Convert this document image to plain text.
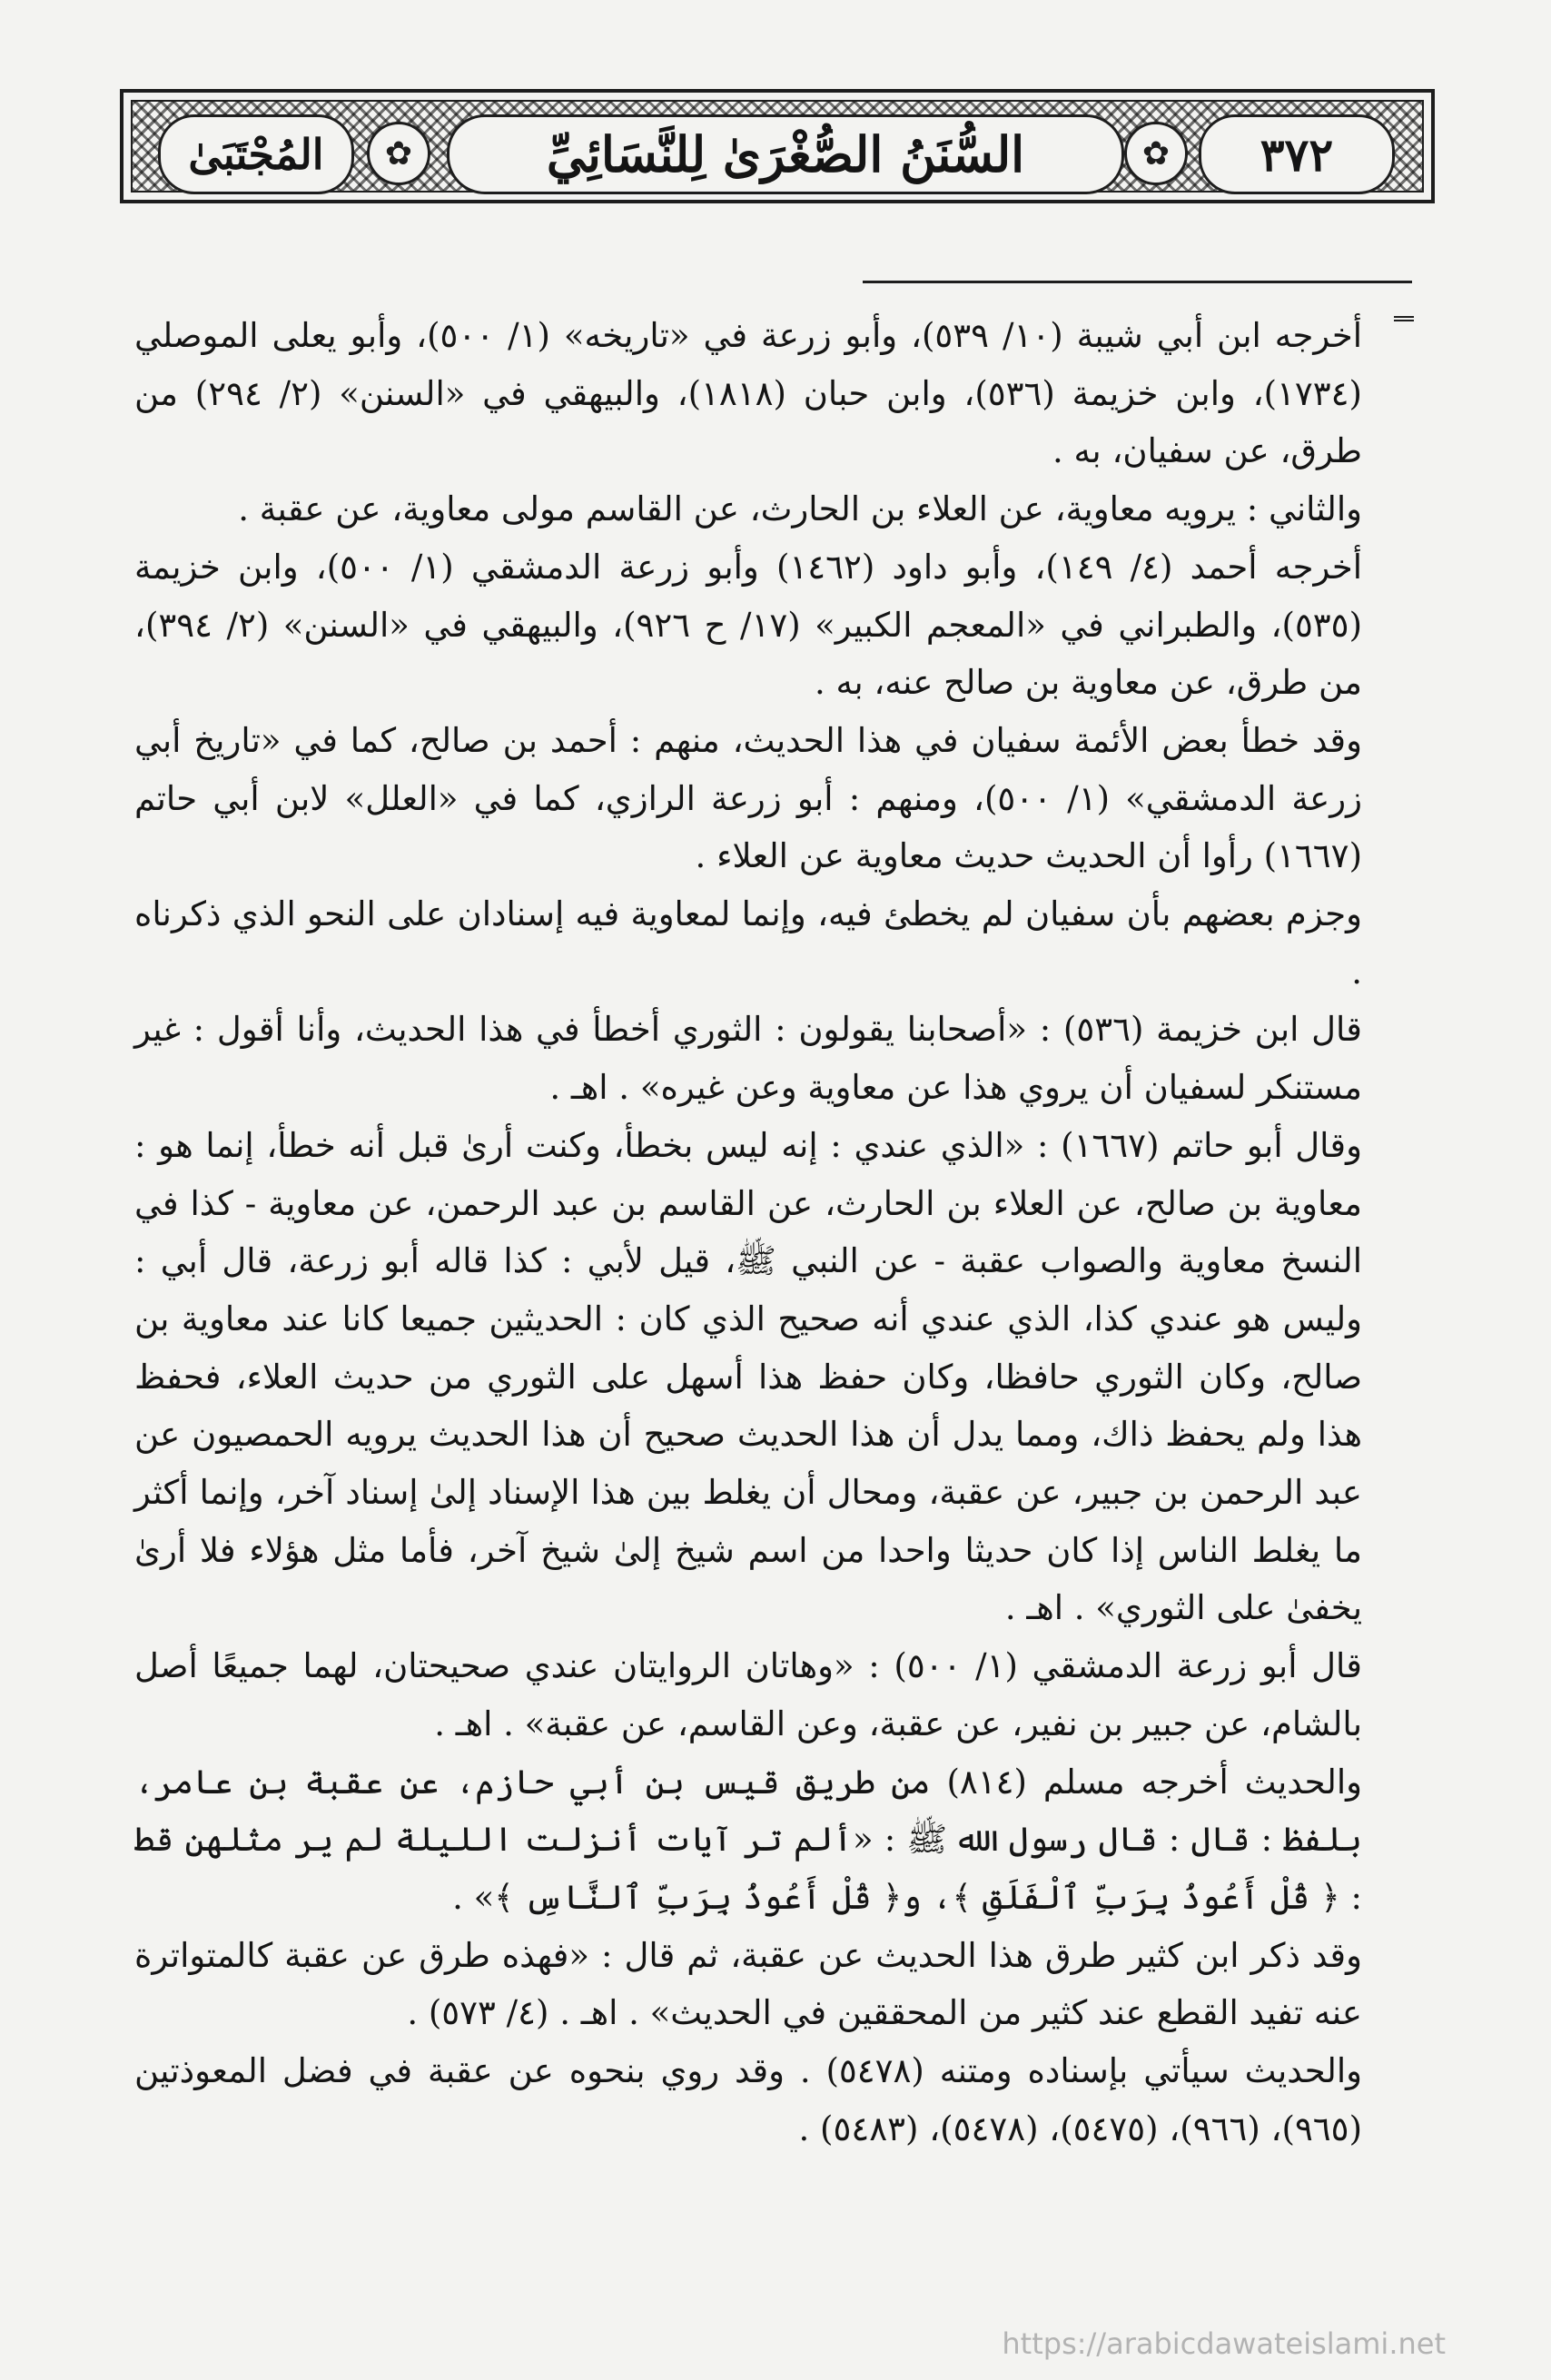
المُجْتَبَىٰ	✿	السُّنَنُ الصُّغْرَىٰ لِلنَّسَائِيِّ	✿	٣٧٢

أخرجه ابن أبي شيبة (١٠/ ٥٣٩)، وأبو زرعة في «تاريخه» (١/ ٥٠٠)، وأبو يعلى الموصلي (١٧٣٤)، وابن خزيمة (٥٣٦)، وابن حبان (١٨١٨)، والبيهقي في «السنن» (٢/ ٢٩٤) من طرق، عن سفيان، به .

والثاني : يرويه معاوية، عن العلاء بن الحارث، عن القاسم مولى معاوية، عن عقبة .

أخرجه أحمد (٤/ ١٤٩)، وأبو داود (١٤٦٢) وأبو زرعة الدمشقي (١/ ٥٠٠)، وابن خزيمة (٥٣٥)، والطبراني في «المعجم الكبير» (١٧/ ح ٩٢٦)، والبيهقي في «السنن» (٢/ ٣٩٤)، من طرق، عن معاوية بن صالح عنه، به .

وقد خطأ بعض الأئمة سفيان في هذا الحديث، منهم : أحمد بن صالح، كما في «تاريخ أبي زرعة الدمشقي» (١/ ٥٠٠)، ومنهم : أبو زرعة الرازي، كما في «العلل» لابن أبي حاتم (١٦٦٧) رأوا أن الحديث حديث معاوية عن العلاء .

وجزم بعضهم بأن سفيان لم يخطئ فيه، وإنما لمعاوية فيه إسنادان على النحو الذي ذكرناه .

قال ابن خزيمة (٥٣٦) : «أصحابنا يقولون : الثوري أخطأ في هذا الحديث، وأنا أقول : غير مستنكر لسفيان أن يروي هذا عن معاوية وعن غيره» . اهـ .

وقال أبو حاتم (١٦٦٧) : «الذي عندي : إنه ليس بخطأ، وكنت أرىٰ قبل أنه خطأ، إنما هو : معاوية بن صالح، عن العلاء بن الحارث، عن القاسم بن عبد الرحمن، عن معاوية - كذا في النسخ معاوية والصواب عقبة - عن النبي ﷺ، قيل لأبي : كذا قاله أبو زرعة، قال أبي : وليس هو عندي كذا، الذي عندي أنه صحيح الذي كان : الحديثين جميعا كانا عند معاوية بن صالح، وكان الثوري حافظا، وكان حفظ هذا أسهل على الثوري من حديث العلاء، فحفظ هذا ولم يحفظ ذاك، ومما يدل أن هذا الحديث صحيح أن هذا الحديث يرويه الحمصيون عن عبد الرحمن بن جبير، عن عقبة، ومحال أن يغلط بين هذا الإسناد إلىٰ إسناد آخر، وإنما أكثر ما يغلط الناس إذا كان حديثا واحدا من اسم شيخ إلىٰ شيخ آخر، فأما مثل هؤلاء فلا أرىٰ يخفىٰ على الثوري» . اهـ .

قال أبو زرعة الدمشقي (١/ ٥٠٠) : «وهاتان الروايتان عندي صحيحتان، لهما جميعًا أصل بالشام، عن جبير بن نفير، عن عقبة، وعن القاسم، عن عقبة» . اهـ .

والحديث أخرجه مسلم (٨١٤) من طريق قيس بن أبي حازم، عن عقبة بن عامر، بلفظ : قال : قال رسول الله ﷺ : «ألم تر آيات أنزلت الليلة لم ير مثلهن قط : ﴿ قُلْ أَعُوذُ بِرَبِّ ٱلْفَلَقِ ﴾، و﴿ قُلْ أَعُوذُ بِرَبِّ ٱلنَّاسِ ﴾» .

وقد ذكر ابن كثير طرق هذا الحديث عن عقبة، ثم قال : «فهذه طرق عن عقبة كالمتواترة عنه تفيد القطع عند كثير من المحققين في الحديث» . اهـ . (٤/ ٥٧٣) .

والحديث سيأتي بإسناده ومتنه (٥٤٧٨) . وقد روي بنحوه عن عقبة في فضل المعوذتين (٩٦٥)، (٩٦٦)، (٥٤٧٥)، (٥٤٧٨)، (٥٤٨٣) .

https://arabicdawateislami.net
